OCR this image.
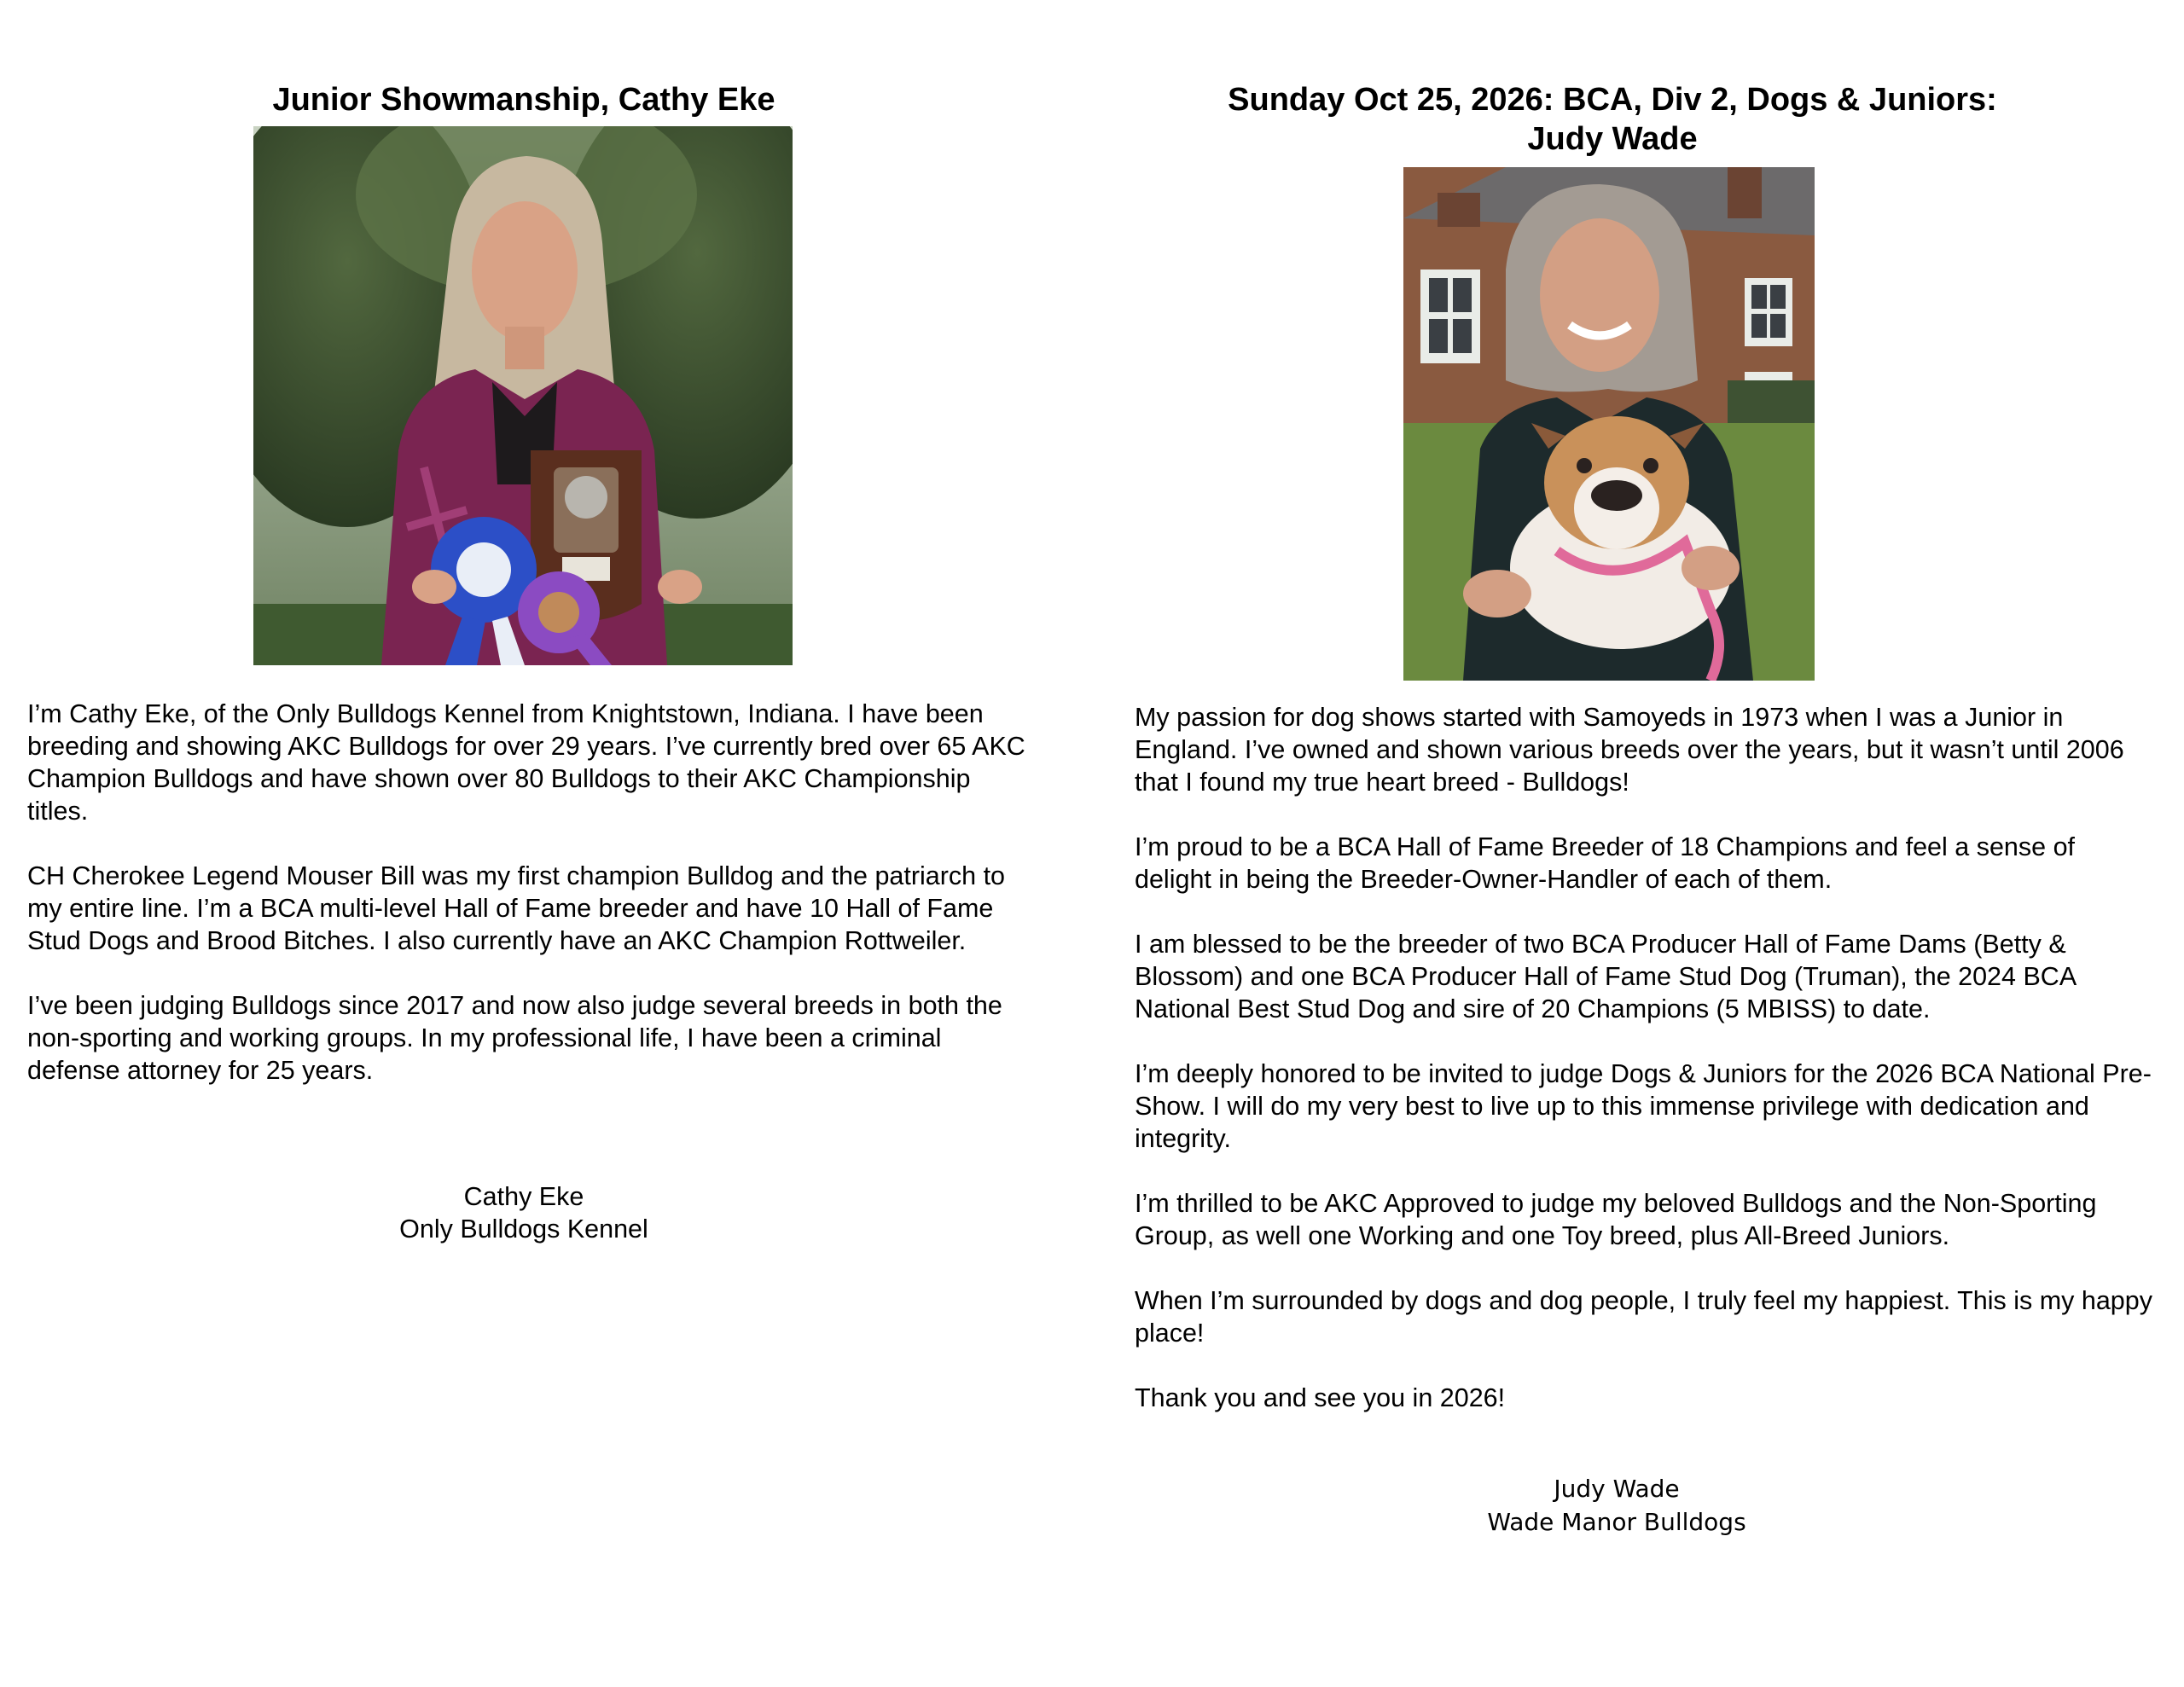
Junior Showmanship, Cathy Eke

I’m Cathy Eke, of the Only Bulldogs Kennel from Knightstown, Indiana. I have been breeding and showing AKC Bulldogs for over 29 years. I’ve currently bred over 65 AKC Champion Bulldogs and have shown over 80 Bulldogs to their AKC Championship titles.

CH Cherokee Legend Mouser Bill was my first champion Bulldog and the patriarch to my entire line. I’m a BCA multi-level Hall of Fame breeder and have 10 Hall of Fame Stud Dogs and Brood Bitches. I also currently have an AKC Champion Rottweiler.

I’ve been judging Bulldogs since 2017 and now also judge several breeds in both the non-sporting and working groups. In my professional life, I have been a criminal defense attorney for 25 years.

Cathy Eke
Only Bulldogs Kennel
Sunday Oct 25, 2026: BCA, Div 2, Dogs & Juniors:
Judy Wade

My passion for dog shows started with Samoyeds in 1973 when I was a Junior in England. I’ve owned and shown various breeds over the years, but it wasn’t until 2006 that I found my true heart breed - Bulldogs!

I’m proud to be a BCA Hall of Fame Breeder of 18 Champions and feel a sense of delight in being the Breeder-Owner-Handler of each of them.

I am blessed to be the breeder of two BCA Producer Hall of Fame Dams (Betty & Blossom) and one BCA Producer Hall of Fame Stud Dog (Truman), the 2024 BCA National Best Stud Dog and sire of 20 Champions (5 MBISS) to date.

I’m deeply honored to be invited to judge Dogs & Juniors for the 2026 BCA National Pre-Show. I will do my very best to live up to this immense privilege with dedication and integrity.

I’m thrilled to be AKC Approved to judge my beloved Bulldogs and the Non-Sporting Group, as well one Working and one Toy breed, plus All-Breed Juniors.

When I’m surrounded by dogs and dog people, I truly feel my happiest. This is my happy place!

Thank you and see you in 2026!

Judy Wade
Wade Manor Bulldogs
